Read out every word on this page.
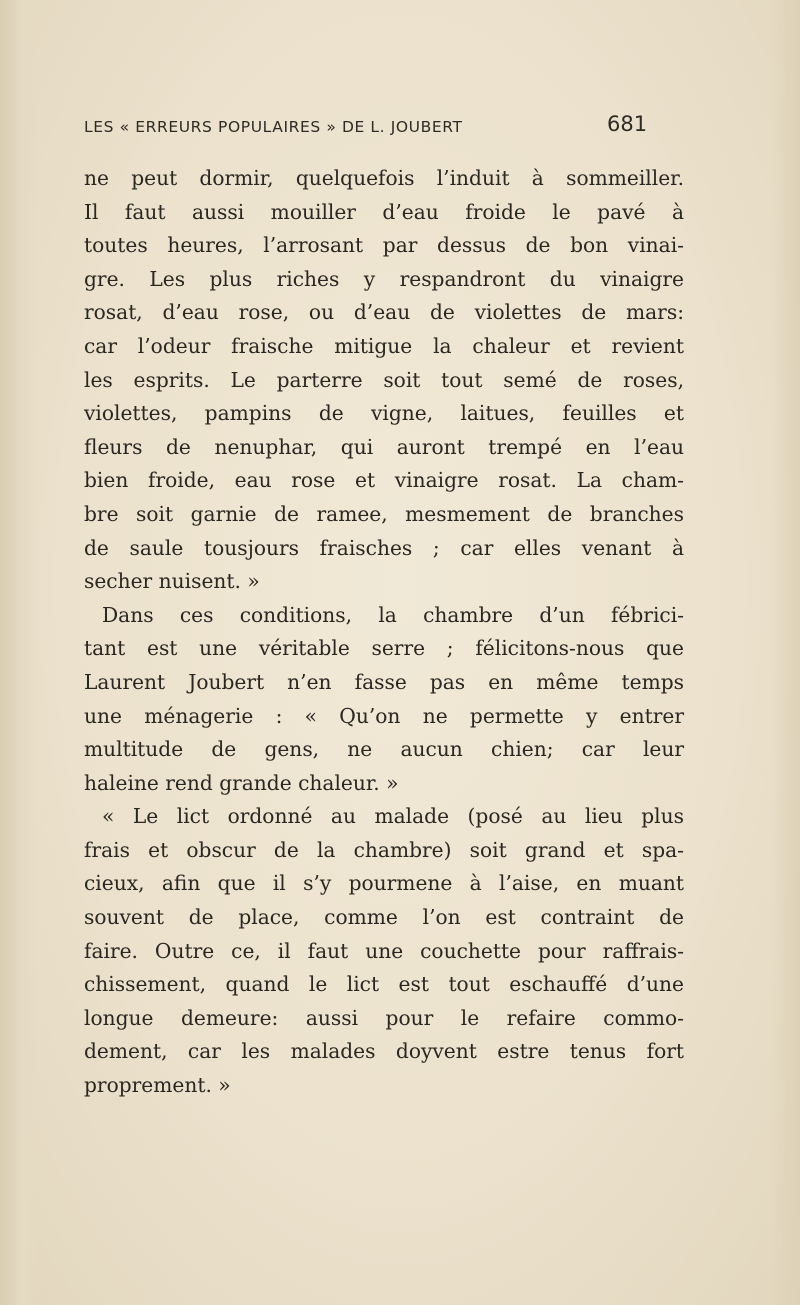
LES « ERREURS POPULAIRES » DE L. JOUBERT	681
ne peut dormir, quelquefois l’induit à sommeiller.
Il faut aussi mouiller d’eau froide le pavé à
toutes heures, l’arrosant par dessus de bon vinai-
gre. Les plus riches y respandront du vinaigre
rosat, d’eau rose, ou d’eau de violettes de mars:
car l’odeur fraische mitigue la chaleur et revient
les esprits. Le parterre soit tout semé de roses,
violettes, pampins de vigne, laitues, feuilles et
fleurs de nenuphar, qui auront trempé en l’eau
bien froide, eau rose et vinaigre rosat. La cham-
bre soit garnie de ramee, mesmement de branches
de saule tousjours fraisches ; car elles venant à
secher nuisent. »
Dans ces conditions, la chambre d’un fébrici-
tant est une véritable serre ; félicitons-nous que
Laurent Joubert n’en fasse pas en même temps
une ménagerie : « Qu’on ne permette y entrer
multitude de gens, ne aucun chien; car leur
haleine rend grande chaleur. »
« Le lict ordonné au malade (posé au lieu plus
frais et obscur de la chambre) soit grand et spa-
cieux, afin que il s’y pourmene à l’aise, en muant
souvent de place, comme l’on est contraint de
faire. Outre ce, il faut une couchette pour raffrais-
chissement, quand le lict est tout eschauffé d’une
longue demeure: aussi pour le refaire commo-
dement, car les malades doyvent estre tenus fort
proprement. »
